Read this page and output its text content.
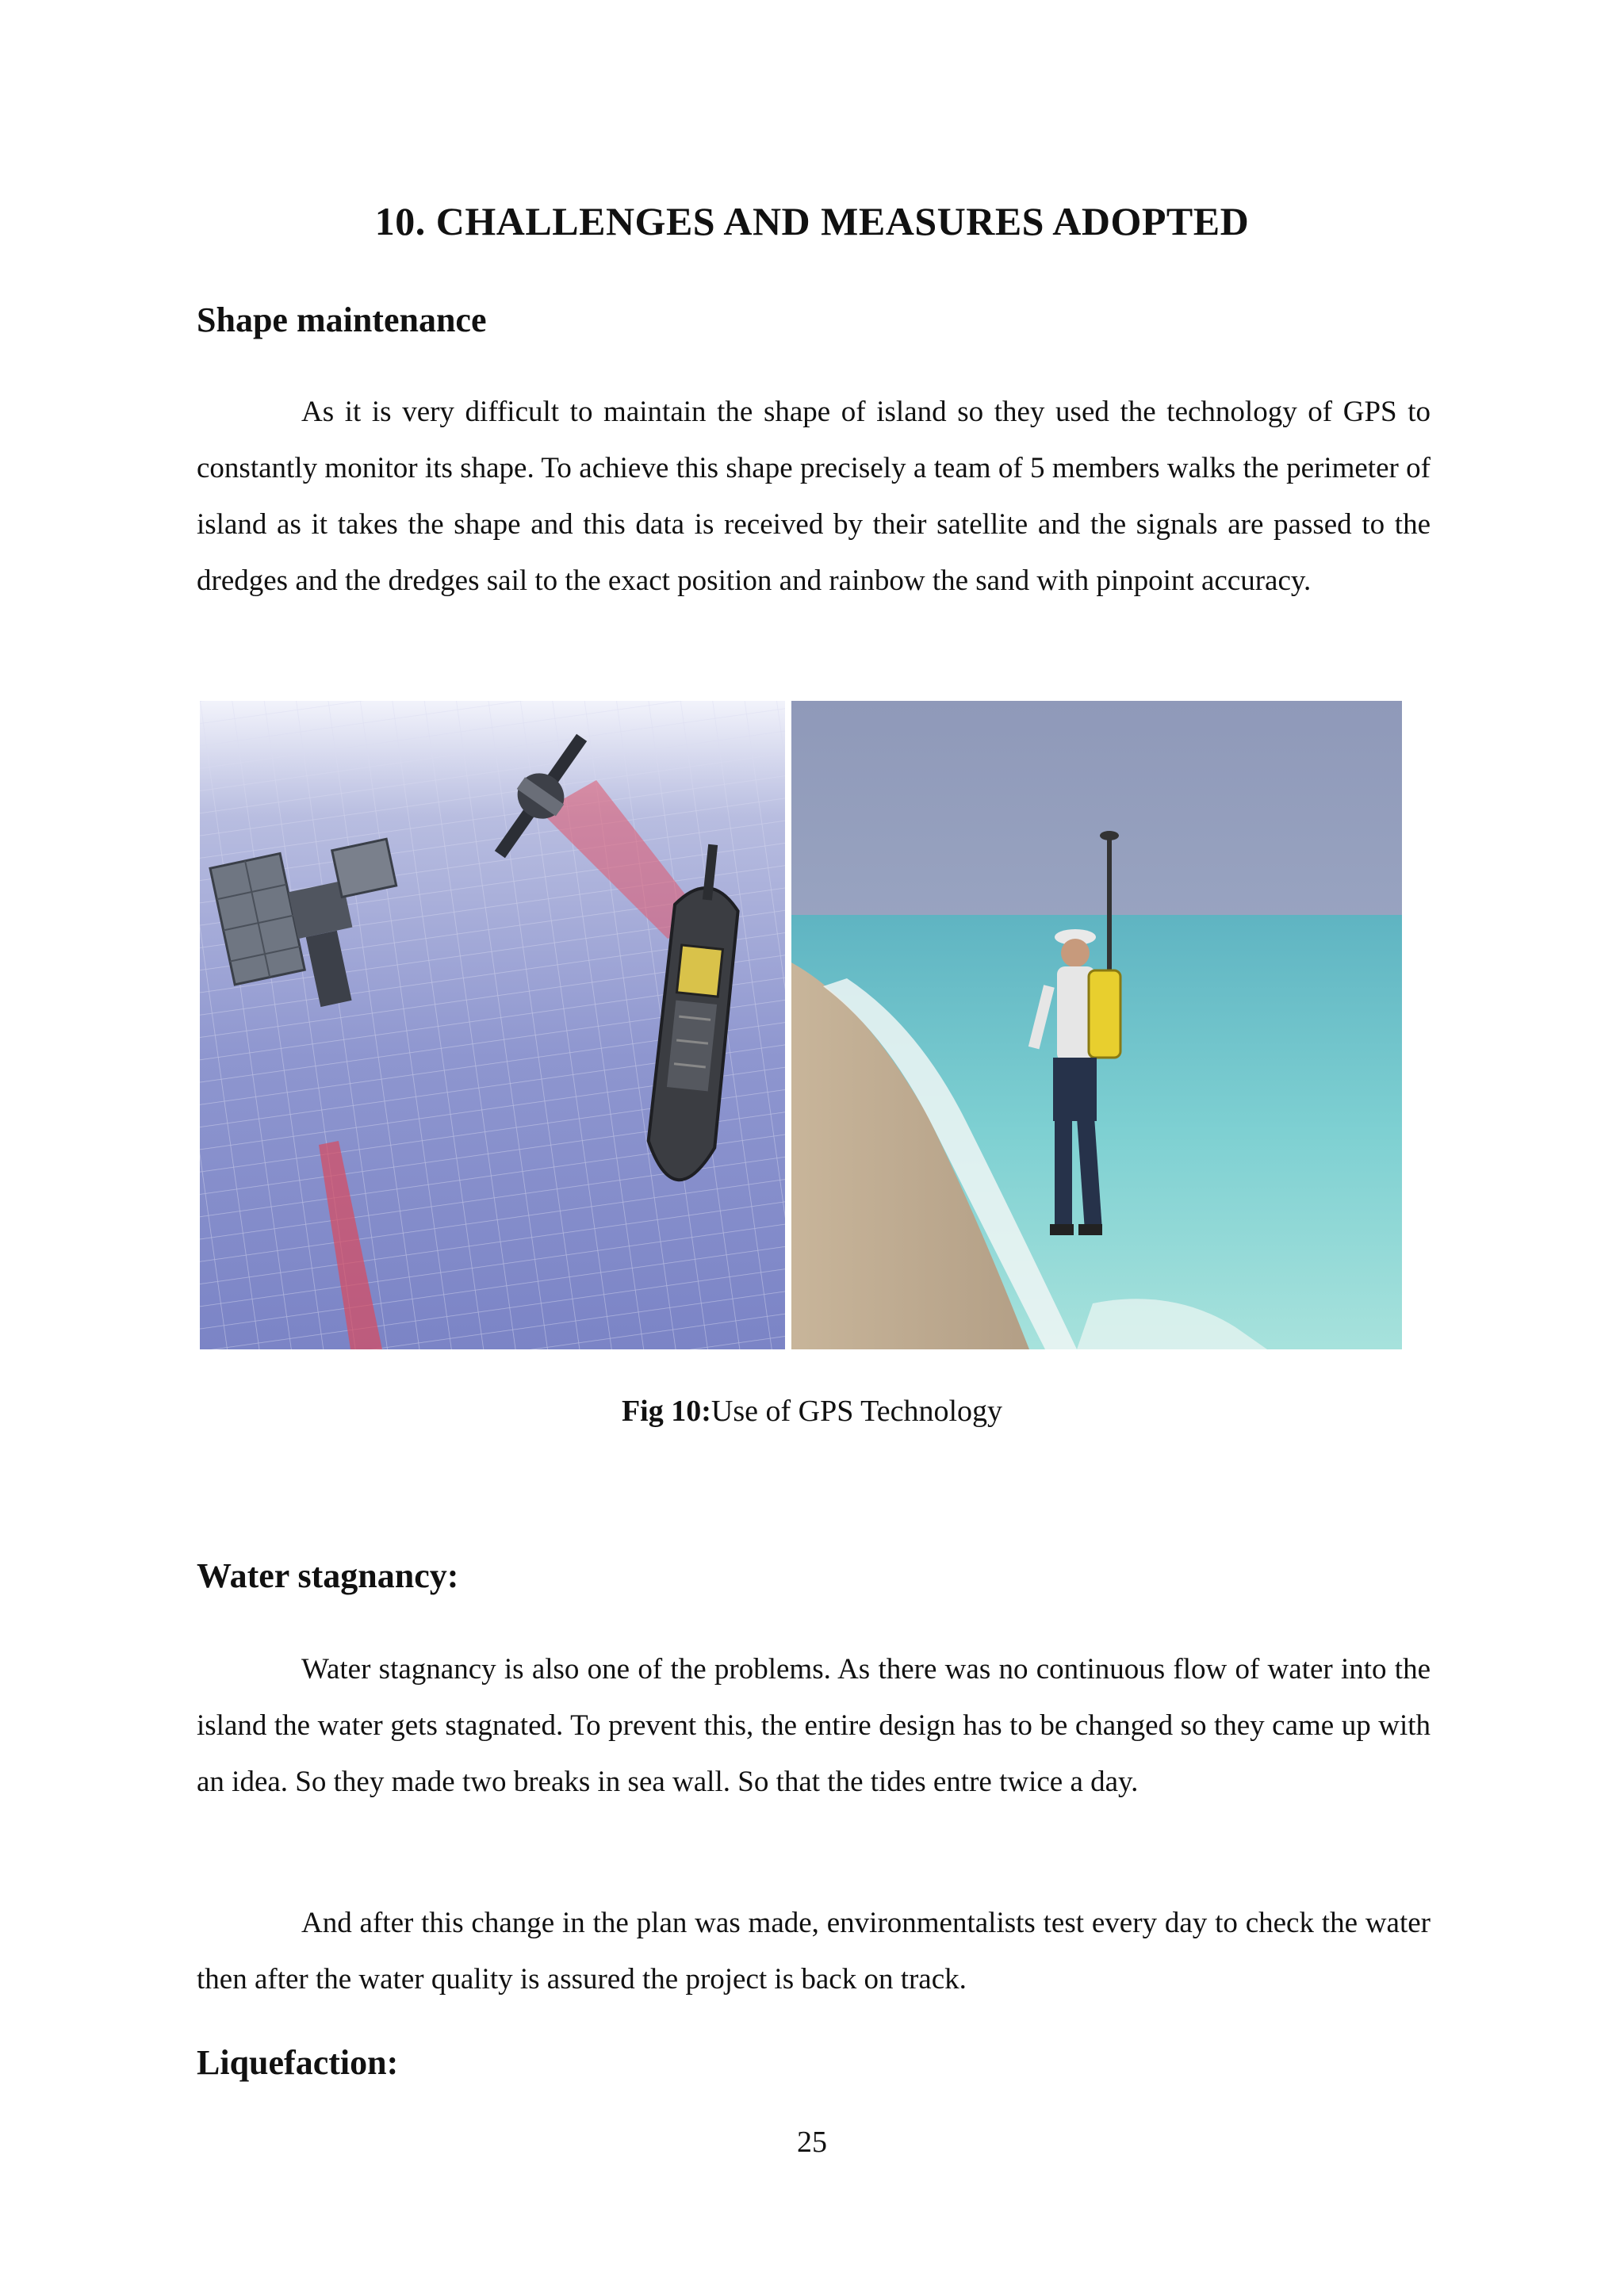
10. CHALLENGES AND MEASURES ADOPTED
Shape maintenance

As it is very difficult to maintain the shape of island so they used the technology of GPS to constantly monitor its shape. To achieve this shape precisely a team of 5 members walks the perimeter of island as it takes the shape and this data is received by their satellite and the signals are passed to the dredges and the dredges sail to the exact position and rainbow the sand with pinpoint accuracy.

Fig 10:Use of GPS Technology
Water stagnancy:

Water stagnancy is also one of the problems. As there was no continuous flow of water into the island the water gets stagnated. To prevent this, the entire design has to be changed so they came up with an idea. So they made two breaks in sea wall. So that the tides entre twice a day.

And after this change in the plan was made, environmentalists test every day to check the water then after the water quality is assured the project is back on track.

Liquefaction:
25
